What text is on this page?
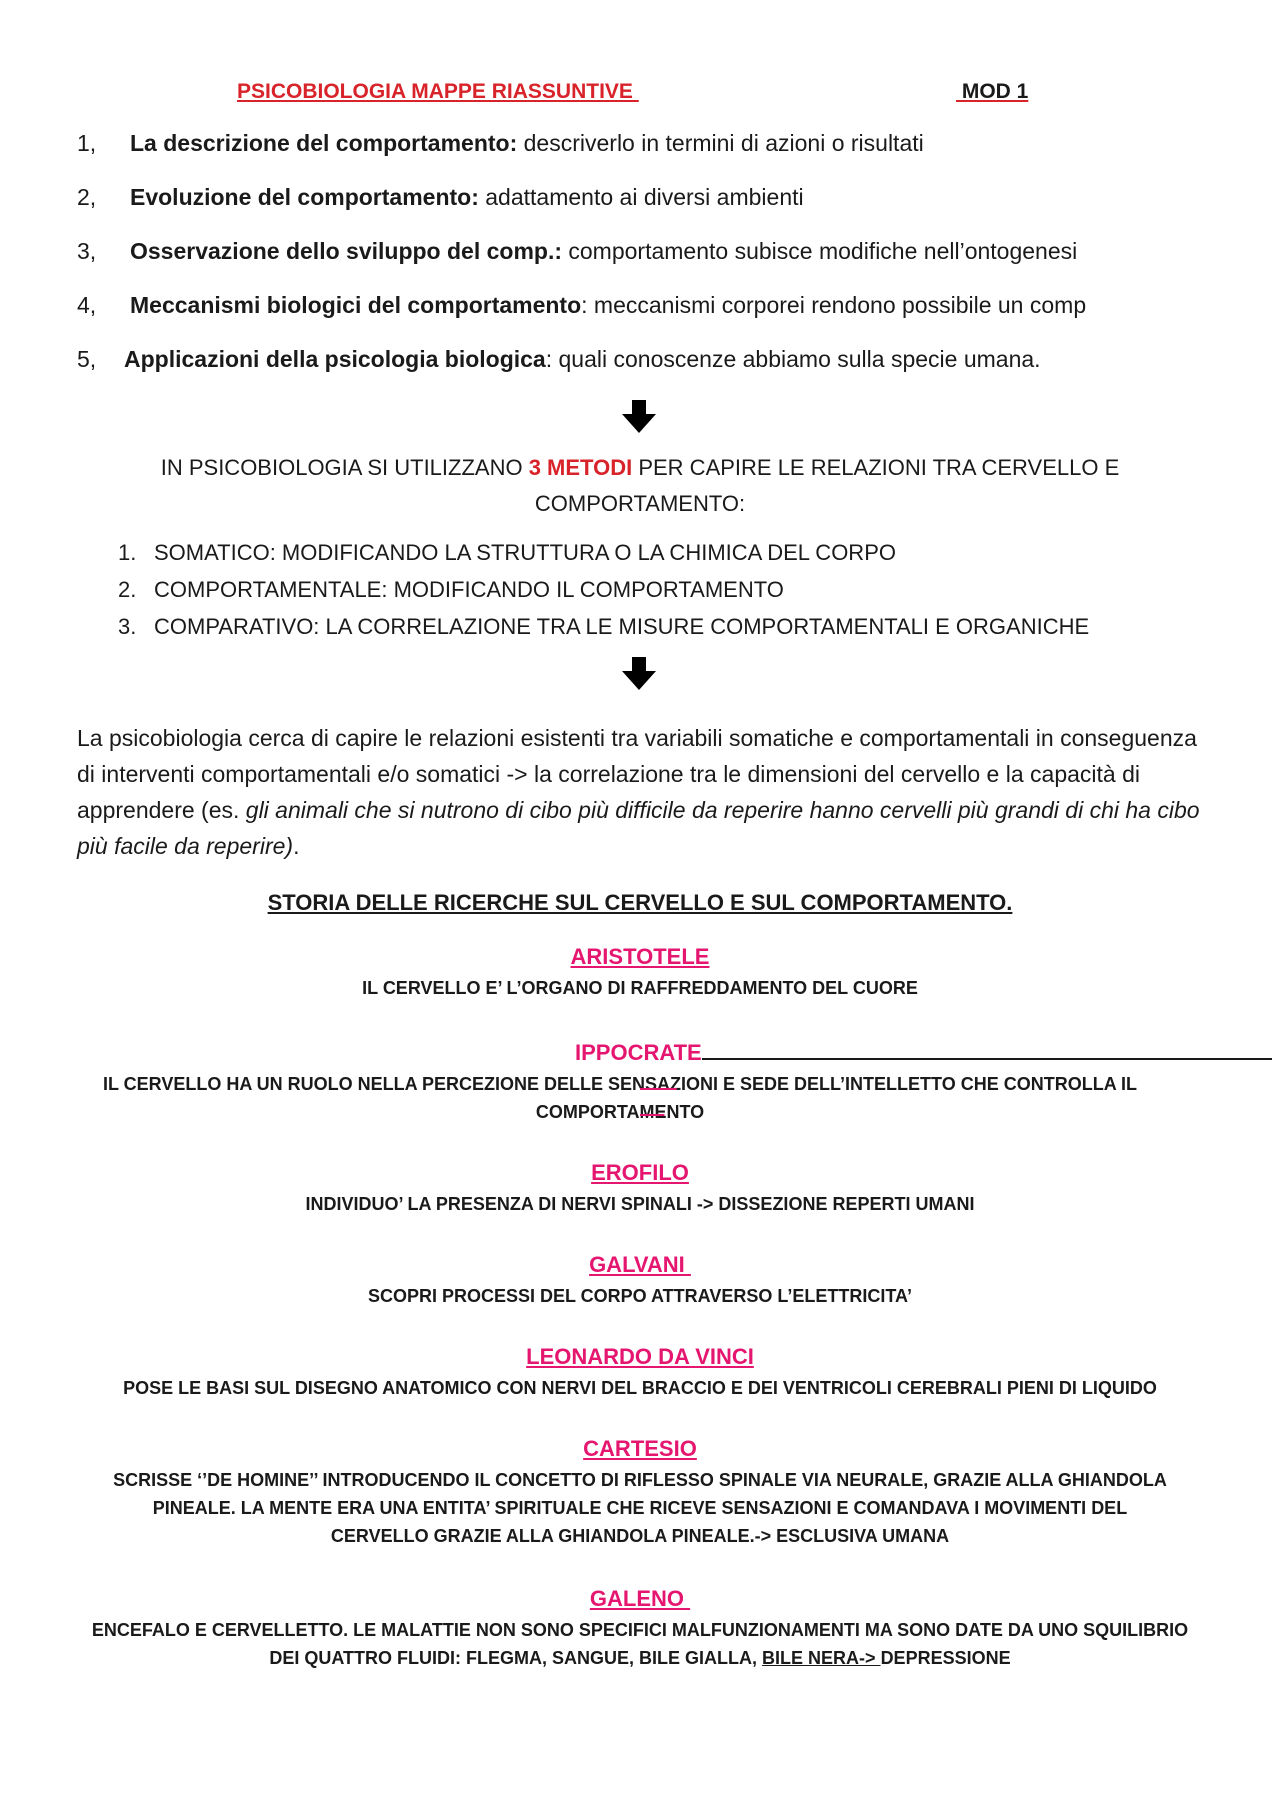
PSICOBIOLOGIA MAPPE RIASSUNTIVE	MOD 1
1,	La descrizione del comportamento: descriverlo in termini di azioni o risultati
2,	Evoluzione del comportamento: adattamento ai diversi ambienti
3,	Osservazione dello sviluppo del comp.: comportamento subisce modifiche nell’ontogenesi
4,	Meccanismi biologici del comportamento: meccanismi corporei rendono possibile un comp
5,	Applicazioni della psicologia biologica: quali conoscenze abbiamo sulla specie umana.
IN PSICOBIOLOGIA SI UTILIZZANO 3 METODI PER CAPIRE LE RELAZIONI TRA CERVELLO E COMPORTAMENTO:
1. SOMATICO: MODIFICANDO LA STRUTTURA O LA CHIMICA DEL CORPO
2. COMPORTAMENTALE: MODIFICANDO IL COMPORTAMENTO
3. COMPARATIVO: LA CORRELAZIONE TRA LE MISURE COMPORTAMENTALI E ORGANICHE
La psicobiologia cerca di capire le relazioni esistenti tra variabili somatiche e comportamentali in conseguenza di interventi comportamentali e/o somatici -> la correlazione tra le dimensioni del cervello e la capacità di apprendere (es. gli animali che si nutrono di cibo più difficile da reperire hanno cervelli più grandi di chi ha cibo più facile da reperire).
STORIA DELLE RICERCHE SUL CERVELLO E SUL COMPORTAMENTO.
ARISTOTELE
IL CERVELLO E’ L’ORGANO DI RAFFREDDAMENTO DEL CUORE

IPPOCRATE

IL CERVELLO HA UN RUOLO NELLA PERCEZIONE DELLE SENSAZIONI E SEDE DELL’INTELLETTO CHE CONTROLLA IL COMPORTAMENTO
EROFILO
INDIVIDUO’ LA PRESENZA DI NERVI SPINALI -> DISSEZIONE REPERTI UMANI
GALVANI
SCOPRI PROCESSI DEL CORPO ATTRAVERSO L’ELETTRICITA’
LEONARDO DA VINCI
POSE LE BASI SUL DISEGNO ANATOMICO CON NERVI DEL BRACCIO E DEI VENTRICOLI CEREBRALI PIENI DI LIQUIDO
CARTESIO
SCRISSE ‘’DE HOMINE’’ INTRODUCENDO IL CONCETTO DI RIFLESSO SPINALE VIA NEURALE, GRAZIE ALLA GHIANDOLA PINEALE. LA MENTE ERA UNA ENTITA’ SPIRITUALE CHE RICEVE SENSAZIONI E COMANDAVA I MOVIMENTI DEL CERVELLO GRAZIE ALLA GHIANDOLA PINEALE.-> ESCLUSIVA UMANA
GALENO
ENCEFALO E CERVELLETTO. LE MALATTIE NON SONO SPECIFICI MALFUNZIONAMENTI MA SONO DATE DA UNO SQUILIBRIO DEI QUATTRO FLUIDI: FLEGMA, SANGUE, BILE GIALLA, BILE NERA-> DEPRESSIONE
